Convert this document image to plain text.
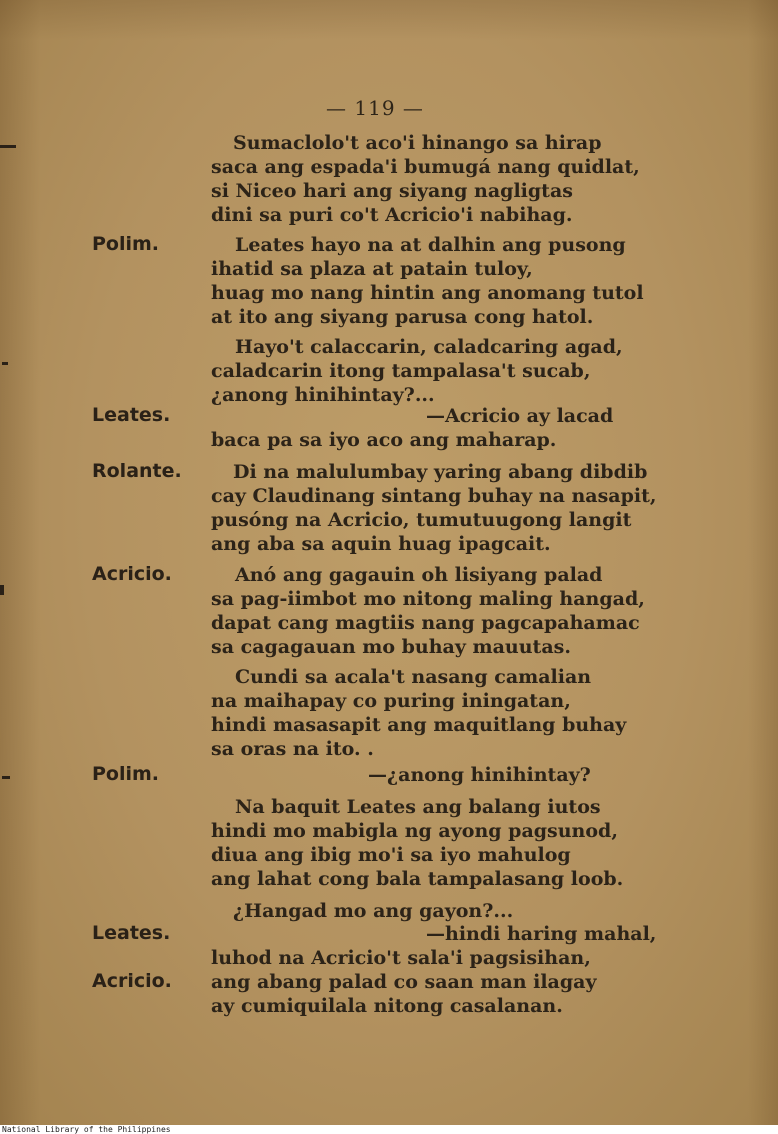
— 119 —
Polim.
Leates.
Rolante.
Acricio.
Polim.
Leates.
Acricio.
Sumaclolo't aco'i hinango sa hirap
saca ang espada'i bumugá nang quidlat,
si Niceo hari ang siyang nagligtas
dini sa puri co't Acricio'i nabihag.
Leates hayo na at dalhin ang pusong
ihatid sa plaza at patain tuloy,
huag mo nang hintin ang anomang tutol
at ito ang siyang parusa cong hatol.
Hayo't calaccarin, caladcaring agad,
caladcarin itong tampalasa't sucab,
¿anong hinihintay?...
—Acricio ay lacad
baca pa sa iyo aco ang maharap.
Di na malulumbay yaring abang dibdib
cay Claudinang sintang buhay na nasapit,
pusóng na Acricio, tumutuugong langit
ang aba sa aquin huag ipagcait.
Anó ang gagauin oh lisiyang palad
sa pag-iimbot mo nitong maling hangad,
dapat cang magtiis nang pagcapahamac
sa cagagauan mo buhay mauutas.
Cundi sa acala't nasang camalian
na maihapay co puring iningatan,
hindi masasapit ang maquitlang buhay
sa oras na ito. .
—¿anong hinihintay?
Na baquit Leates ang balang iutos
hindi mo mabigla ng ayong pagsunod,
diua ang ibig mo'i sa iyo mahulog
ang lahat cong bala tampalasang loob.
¿Hangad mo ang gayon?...
—hindi haring mahal,
luhod na Acricio't sala'i pagsisihan,
ang abang palad co saan man ilagay
ay cumiquilala nitong casalanan.
National Library of the Philippines
